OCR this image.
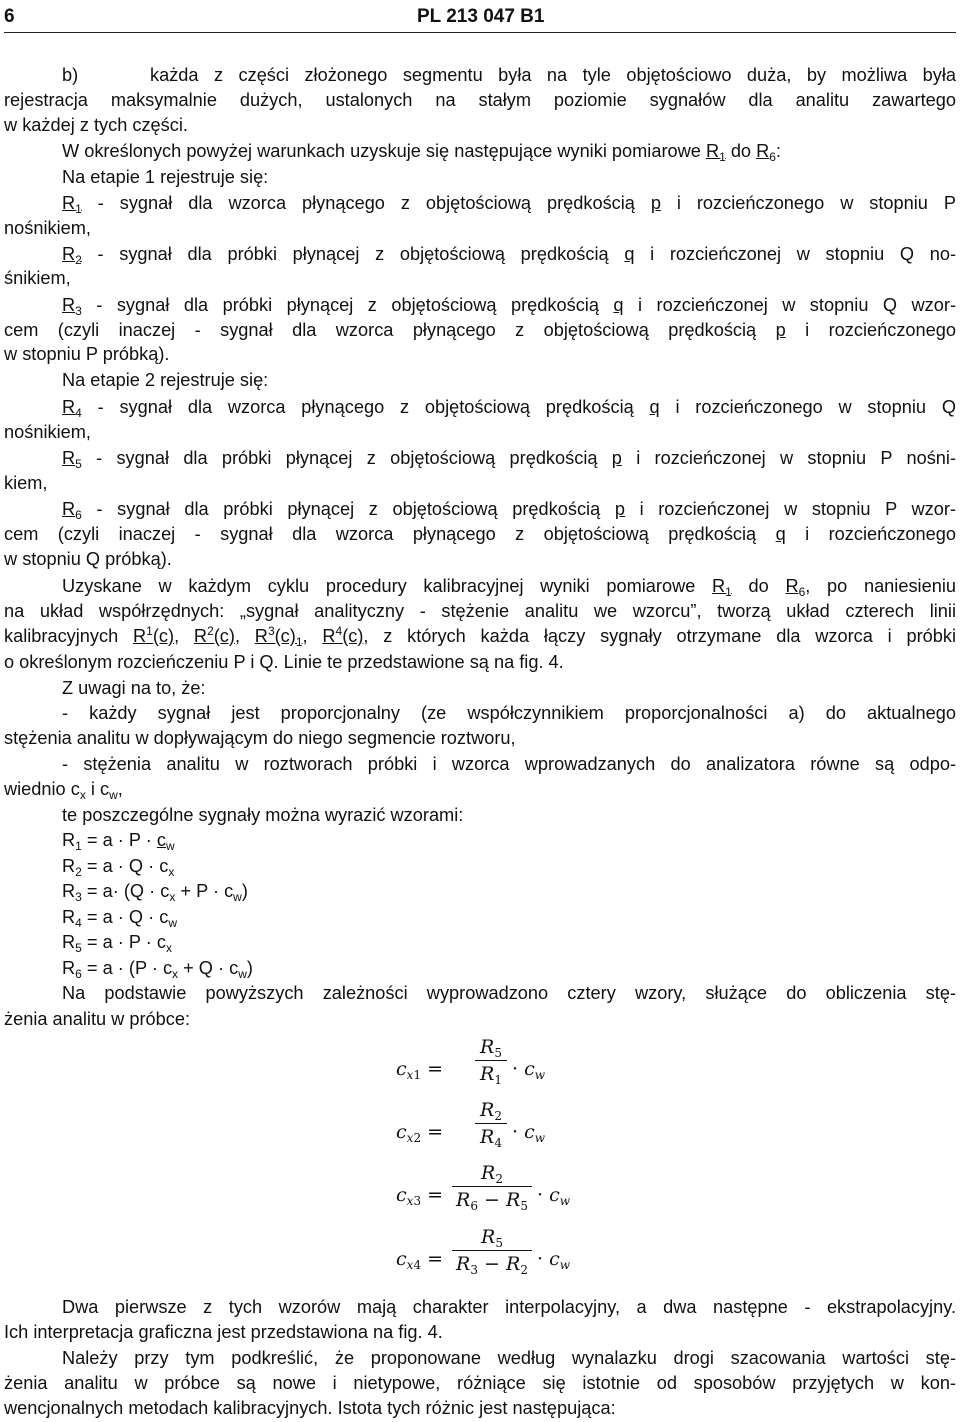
6	PL 213 047 B1
b)	każda z części złożonego segmentu była na tyle objętościowo duża, by możliwa była
rejestracja maksymalnie dużych, ustalonych na stałym poziomie sygnałów dla analitu zawartego
w każdej z tych części.
W określonych powyżej warunkach uzyskuje się następujące wyniki pomiarowe $R_1$ do $R_6$:
Na etapie 1 rejestruje się:
$R_1$ - sygnał dla wzorca płynącego z objętościową prędkością p i rozcieńczonego w stopniu P
nośnikiem,
$R_2$ - sygnał dla próbki płynącej z objętościową prędkością q i rozcieńczonej w stopniu Q no-
śnikiem,
$R_3$ - sygnał dla próbki płynącej z objętościową prędkością q i rozcieńczonej w stopniu Q wzor-
cem (czyli inaczej - sygnał dla wzorca płynącego z objętościową prędkością p i rozcieńczonego
w stopniu P próbką).
Na etapie 2 rejestruje się:
$R_4$ - sygnał dla wzorca płynącego z objętościową prędkością q i rozcieńczonego w stopniu Q
nośnikiem,
$R_5$ - sygnał dla próbki płynącej z objętościową prędkością p i rozcieńczonej w stopniu P nośni-
kiem,
$R_6$ - sygnał dla próbki płynącej z objętościową prędkością p i rozcieńczonej w stopniu P wzor-
cem (czyli inaczej - sygnał dla wzorca płynącego z objętościową prędkością q i rozcieńczonego
w stopniu Q próbką).
Uzyskane w każdym cyklu procedury kalibracyjnej wyniki pomiarowe $R_1$ do $R_6$, po naniesieniu
na układ współrzędnych: „sygnał analityczny - stężenie analitu we wzorcu”, tworzą układ czterech linii
kalibracyjnych $R^1(c)$, $R^2(c)$, $R^3(c)_1$, $R^4(c)$, z których każda łączy sygnały otrzymane dla wzorca i próbki
o określonym rozcieńczeniu P i Q. Linie te przedstawione są na fig. 4.
Z uwagi na to, że:
- każdy sygnał jest proporcjonalny (ze współczynnikiem proporcjonalności a) do aktualnego
stężenia analitu w dopływającym do niego segmencie roztworu,
- stężenia analitu w roztworach próbki i wzorca wprowadzanych do analizatora równe są odpo-
wiednio $c_x$ i $c_w$,
te poszczególne sygnały można wyrazić wzorami:
$R_1 = a \cdot P \cdot c_w$
$R_2 = a \cdot Q \cdot c_x$
$R_3 = a\cdot (Q \cdot c_x + P \cdot c_w)$
$R_4 = a \cdot Q \cdot c_w$
$R_5 = a \cdot P \cdot c_x$
$R_6 = a \cdot (P \cdot c_x + Q \cdot c_w)$
Na podstawie powyższych zależności wyprowadzono cztery wzory, służące do obliczenia stę-
żenia analitu w próbce:
$c_{x1}$ =
$R_5$
$R_1 \cdot c_w$
$c_{x2}$ =
$R_2$
$R_4 \cdot c_w$
$c_{x3}$ =
$R_2$
$R_6 - R_5 \cdot c_w$
$c_{x4}$ =
$R_5$
$R_3 - R_2 \cdot c_w$
Dwa pierwsze z tych wzorów mają charakter interpolacyjny, a dwa następne - ekstrapolacyjny.
Ich interpretacja graficzna jest przedstawiona na fig. 4.
Należy przy tym podkreślić, że proponowane według wynalazku drogi szacowania wartości stę-
żenia analitu w próbce są nowe i nietypowe, różniące się istotnie od sposobów przyjętych w kon-
wencjonalnych metodach kalibracyjnych. Istota tych różnic jest następująca:
